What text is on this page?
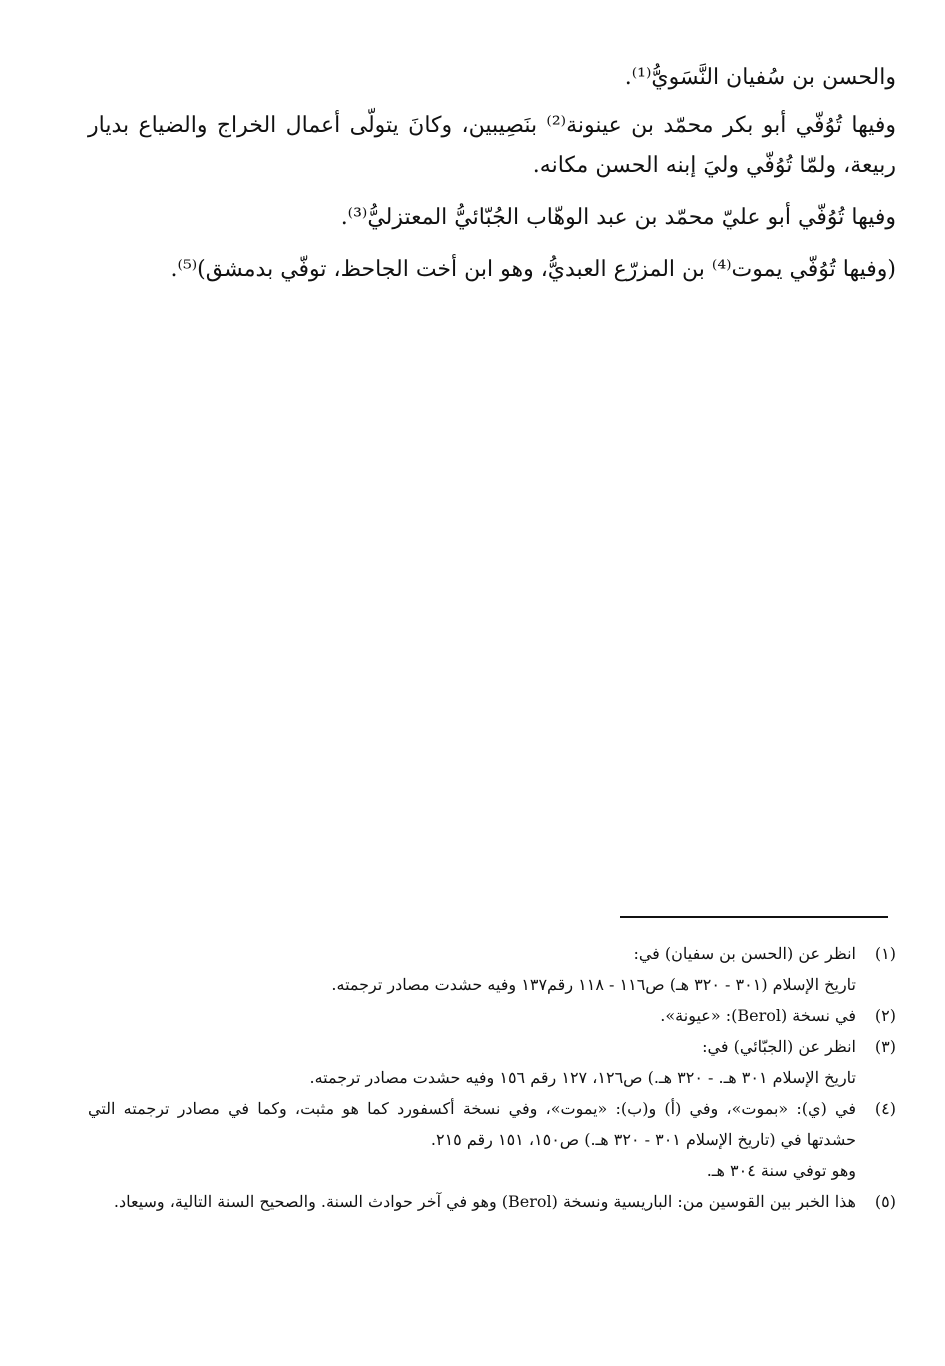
والحسن بن سُفيان النَّسَويُّ⁽¹⁾.

وفيها تُوُفّي أبو بكر محمّد بن عينونة⁽²⁾ بنَصِيبين، وكانَ يتولّى أعمال الخراج والضياع بديار ربيعة، ولمّا تُوُفّي وليَ إبنه الحسن مكانه.

وفيها تُوُفّي أبو عليّ محمّد بن عبد الوهّاب الجُبّائيُّ المعتزليُّ⁽³⁾.

(وفيها تُوُفّي يموت⁽⁴⁾ بن المزرّع العبديُّ، وهو ابن أخت الجاحظ، توفّي بدمشق)⁽⁵⁾.

(١)
انظر عن (الحسن بن سفيان) في:
تاريخ الإسلام (٣٠١ - ٣٢٠ هـ) ص١١٦ - ١١٨ رقم١٣٧ وفيه حشدت مصادر ترجمته.
(٢)
في نسخة (Berol): «عيونة».
(٣)
انظر عن (الجبّائي) في:
تاريخ الإسلام ٣٠١ هـ. - ٣٢٠ هـ.) ص١٢٦، ١٢٧ رقم ١٥٦ وفيه حشدت مصادر ترجمته.
(٤)
في (ي): «بموت»، وفي (أ) و(ب): «يموت»، وفي نسخة أكسفورد كما هو مثبت، وكما في مصادر ترجمته التي حشدتها في (تاريخ الإسلام ٣٠١ - ٣٢٠ هـ.) ص١٥٠، ١٥١ رقم ٢١٥.
وهو توفي سنة ٣٠٤ هـ.
(٥)
هذا الخبر بين القوسين من: الباريسية ونسخة (Berol) وهو في آخر حوادث السنة. والصحيح السنة التالية، وسيعاد.
